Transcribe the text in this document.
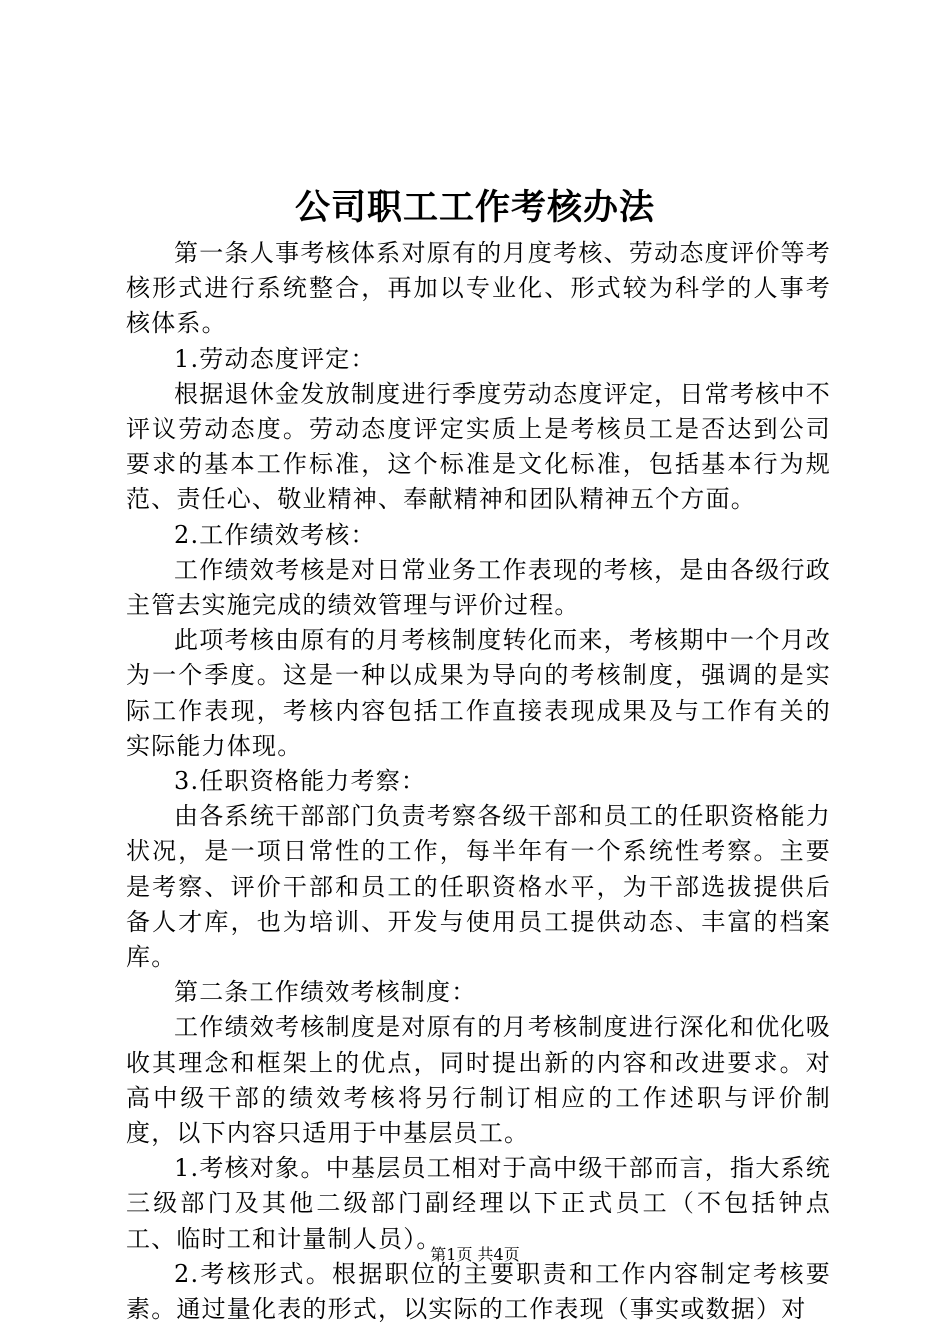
公司职工工作考核办法

第一条人事考核体系对原有的月度考核、劳动态度评价等考核形式进行系统整合，再加以专业化、形式较为科学的人事考核体系。

1.劳动态度评定：

根据退休金发放制度进行季度劳动态度评定，日常考核中不评议劳动态度。劳动态度评定实质上是考核员工是否达到公司要求的基本工作标准，这个标准是文化标准，包括基本行为规范、责任心、敬业精神、奉献精神和团队精神五个方面。

2.工作绩效考核：

工作绩效考核是对日常业务工作表现的考核，是由各级行政主管去实施完成的绩效管理与评价过程。

此项考核由原有的月考核制度转化而来，考核期中一个月改为一个季度。这是一种以成果为导向的考核制度，强调的是实际工作表现，考核内容包括工作直接表现成果及与工作有关的实际能力体现。

3.任职资格能力考察：

由各系统干部部门负责考察各级干部和员工的任职资格能力状况，是一项日常性的工作，每半年有一个系统性考察。主要是考察、评价干部和员工的任职资格水平，为干部选拔提供后备人才库，也为培训、开发与使用员工提供动态、丰富的档案库。

第二条工作绩效考核制度：

工作绩效考核制度是对原有的月考核制度进行深化和优化吸收其理念和框架上的优点，同时提出新的内容和改进要求。对高中级干部的绩效考核将另行制订相应的工作述职与评价制度，以下内容只适用于中基层员工。

1.考核对象。中基层员工相对于高中级干部而言，指大系统三级部门及其他二级部门副经理以下正式员工（不包括钟点工、临时工和计量制人员）。

2.考核形式。根据职位的主要职责和工作内容制定考核要素。通过量化表的形式，以实际的工作表现（事实或数据）对

第1页 共4页
